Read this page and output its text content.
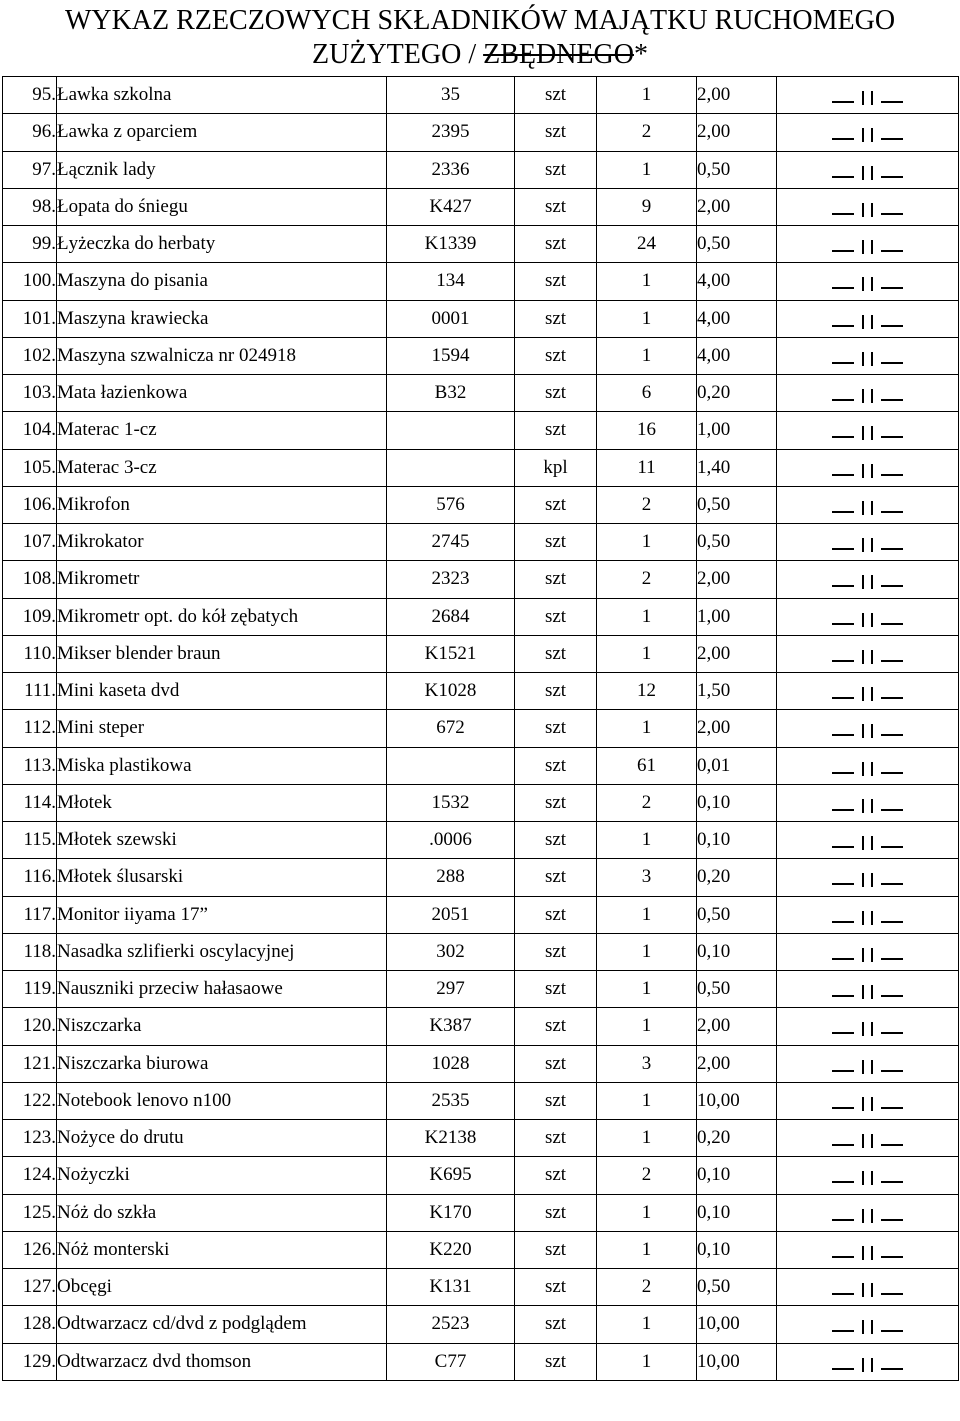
WYKAZ RZECZOWYCH SKŁADNIKÓW MAJĄTKU RUCHOMEGO
ZUŻYTEGO / ZBĘDNEGO*
95.	Ławka szkolna	35	szt	1	2,00	

96.	Ławka z oparciem	2395	szt	2	2,00	

97.	Łącznik lady	2336	szt	1	0,50	

98.	Łopata do śniegu	K427	szt	9	2,00	

99.	Łyżeczka do herbaty	K1339	szt	24	0,50	

100.	Maszyna do pisania	134	szt	1	4,00	

101.	Maszyna krawiecka	0001	szt	1	4,00	

102.	Maszyna szwalnicza nr 024918	1594	szt	1	4,00	

103.	Mata łazienkowa	B32	szt	6	0,20	

104.	Materac 1-cz		szt	16	1,00	

105.	Materac 3-cz		kpl	11	1,40	

106.	Mikrofon	576	szt	2	0,50	

107.	Mikrokator	2745	szt	1	0,50	

108.	Mikrometr	2323	szt	2	2,00	

109.	Mikrometr opt. do kół zębatych	2684	szt	1	1,00	

110.	Mikser blender braun	K1521	szt	1	2,00	

111.	Mini kaseta dvd	K1028	szt	12	1,50	

112.	Mini steper	672	szt	1	2,00	

113.	Miska plastikowa		szt	61	0,01	

114.	Młotek	1532	szt	2	0,10	

115.	Młotek szewski	.0006	szt	1	0,10	

116.	Młotek ślusarski	288	szt	3	0,20	

117.	Monitor iiyama 17”	2051	szt	1	0,50	

118.	Nasadka szlifierki oscylacyjnej	302	szt	1	0,10	

119.	Nauszniki przeciw hałasaowe	297	szt	1	0,50	

120.	Niszczarka	K387	szt	1	2,00	

121.	Niszczarka biurowa	1028	szt	3	2,00	

122.	Notebook lenovo n100	2535	szt	1	10,00	

123.	Nożyce do drutu	K2138	szt	1	0,20	

124.	Nożyczki	K695	szt	2	0,10	

125.	Nóż do szkła	K170	szt	1	0,10	

126.	Nóż monterski	K220	szt	1	0,10	

127.	Obcęgi	K131	szt	2	0,50	

128.	Odtwarzacz cd/dvd z podglądem	2523	szt	1	10,00	

129.	Odtwarzacz dvd thomson	C77	szt	1	10,00	
